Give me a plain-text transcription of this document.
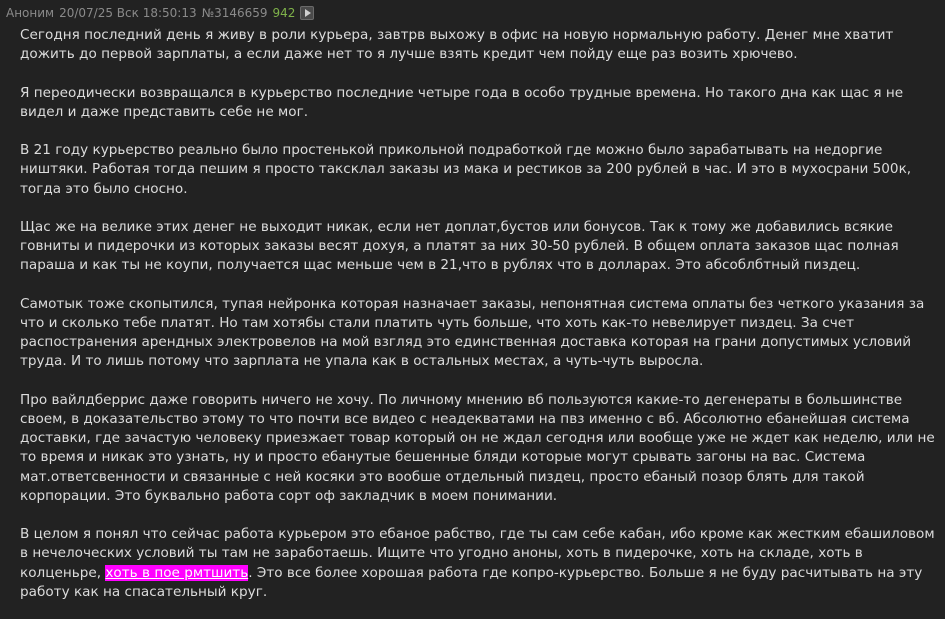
Аноним 20/07/25 Вск 18:50:13 №3146659 942

Сегодня последний день я живу в роли курьера, завтрв выхожу в офис на новую нормальную работу. Денег мне хватит дожить до первой зарплаты, а если даже нет то я лучше взять кредит чем пойду еще раз возить хрючево.

Я переодически возвращался в курьерство последние четыре года в особо трудные времена. Но такого дна как щас я не видел и даже представить себе не мог.

В 21 году курьерство реально было простенькой прикольной подработкой где можно было зарабатывать на недоргие ништяки. Работая тогда пешим я просто таксклал заказы из мака и рестиков за 200 рублей в час. И это в мухосрани 500к, тогда это было сносно.

Щас же на велике этих денег не выходит никак, если нет доплат,бустов или бонусов. Так к тому же добавились всякие говниты и пидерочки из которых заказы весят дохуя, а платят за них 30-50 рублей. В общем оплата заказов щас полная параша и как ты не коупи, получается щас меньше чем в 21,что в рублях что в долларах. Это абсоблбтный пиздец.

Самотык тоже скопытился, тупая нейронка которая назначает заказы, непонятная система оплаты без четкого указания за что и сколько тебе платят. Но там хотябы стали платить чуть больше, что хоть как-то невелирует пиздец. За счет распостранения арендных электровелов на мой взгляд это единственная доставка которая на грани допустимых условий труда. И то лишь потому что зарплата не упала как в остальных местах, а чуть-чуть выросла.

Про вайлдберрис даже говорить ничего не хочу. По личному мнению вб пользуются какие-то дегенераты в большинстве своем, в доказательство этому то что почти все видео с неадекватами на пвз именно с вб. Абсолютно ебанейшая система доставки, где зачастую человеку приезжает товар который он не ждал сегодня или вообще уже не ждет как неделю, или не то время и никак это узнать, ну и просто ебанутые бешенные бляди которые могут срывать загоны на вас. Система мат.ответсвенности и связанные с ней косяки это вообше отдельный пиздец, просто ебаный позор блять для такой корпорации. Это буквально работа сорт оф закладчик в моем понимании.

В целом я понял что сейчас работа курьером это ебаное рабство, где ты сам себе кабан, ибо кроме как жестким ебашиловом в нечелоческих условий ты там не заработаешь. Ищите что угодно аноны, хоть в пидерочке, хоть на складе, хоть в колценьре, хоть в пое рмтшить. Это все более хорошая работа где копро-курьерство. Больше я не буду расчитывать на эту работу как на спасательный круг.
